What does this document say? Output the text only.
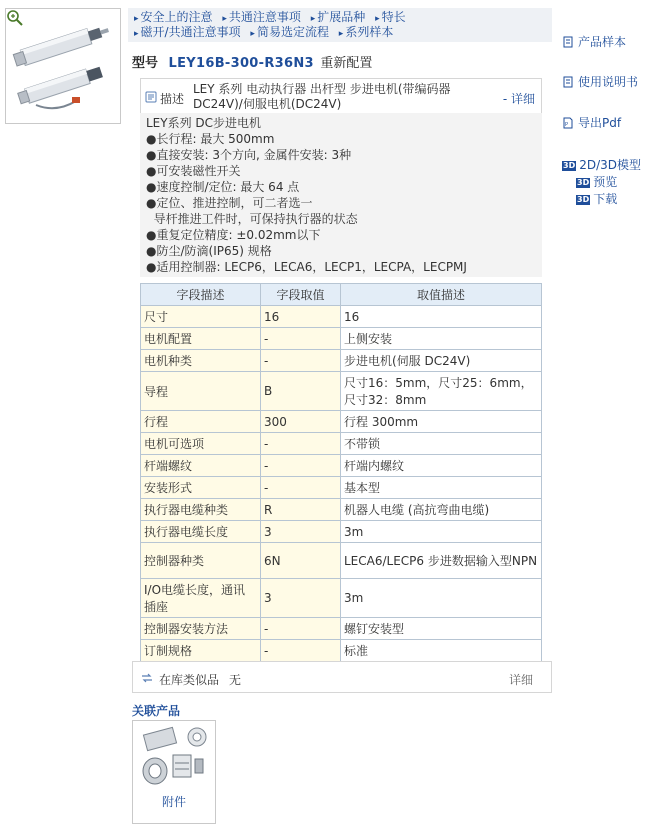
▸ 安全上的注意 ▸ 共通注意事项 ▸ 扩展品种 ▸ 特长
▸ 磁开/共通注意事项 ▸ 简易选定流程 ▸ 系列样本
型号 LEY16B-300-R36N3 重新配置
描述
LEY 系列 电动执行器 出杆型 步进电机(带编码器DC24V)/伺服电机(DC24V)	- 详细
LEY系列 DC步进电机
●长行程: 最大 500mm
●直接安装: 3个方向, 金属件安装: 3种
●可安装磁性开关
●速度控制/定位: 最大 64 点
●定位、推进控制，可二者选一
导杆推进工件时，可保持执行器的状态
●重复定位精度: ±0.02mm以下
●防尘/防滴(IP65) 规格
●适用控制器: LECP6，LECA6，LECP1，LECPA，LECPMJ
字段描述	字段取值	取值描述
尺寸	16	16
电机配置	-	上侧安装
电机种类	-	步进电机(伺服 DC24V)
导程	B	尺寸16：5mm，尺寸25：6mm，尺寸32：8mm
行程	300	行程 300mm
电机可选项	-	不带锁
杆端螺纹	-	杆端内螺纹
安装形式	-	基本型
执行器电缆种类	R	机器人电缆 (高抗弯曲电缆)
执行器电缆长度	3	3m
控制器种类	6N	LECA6/LECP6 步进数据输入型NPN
I/O电缆长度，通讯插座	3	3m
控制器安装方法	-	螺钉安装型
订制规格	-	标准
在库类似品 无	详细
关联产品
附件
产品样本
使用说明书
P 导出Pdf
3D 2D/3D模型
3D 预览
3D 下载
